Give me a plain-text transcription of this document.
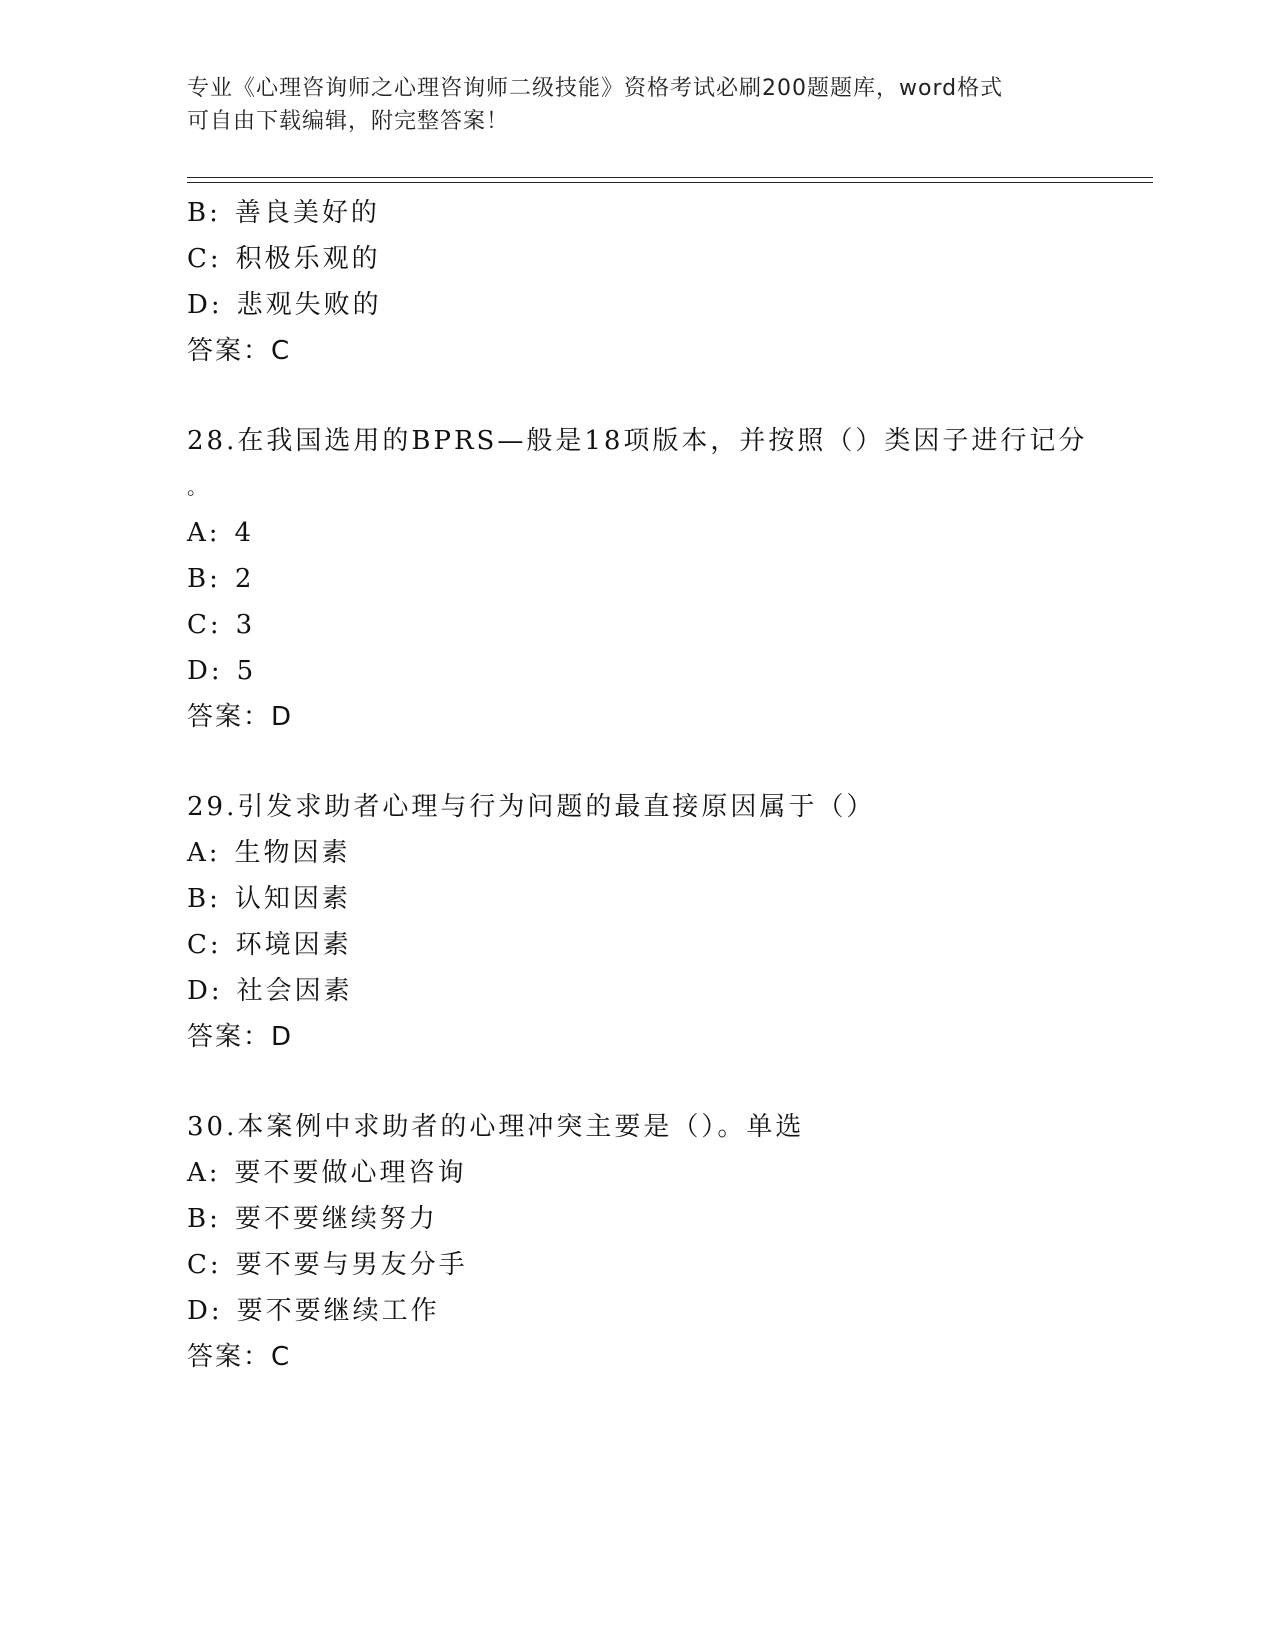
专业《心理咨询师之心理咨询师二级技能》资格考试必刷200题题库，word格式
可自由下载编辑，附完整答案！
B: 善良美好的
C: 积极乐观的
D: 悲观失败的
答案：C
28.在我国选用的BPRS—般是18项版本，并按照（）类因子进行记分
。
A: 4
B: 2
C: 3
D: 5
答案：D
29.引发求助者心理与行为问题的最直接原因属于（）
A: 生物因素
B: 认知因素
C: 环境因素
D: 社会因素
答案：D
30.本案例中求助者的心理冲突主要是（）。单选
A: 要不要做心理咨询
B: 要不要继续努力
C: 要不要与男友分手
D: 要不要继续工作
答案：C
